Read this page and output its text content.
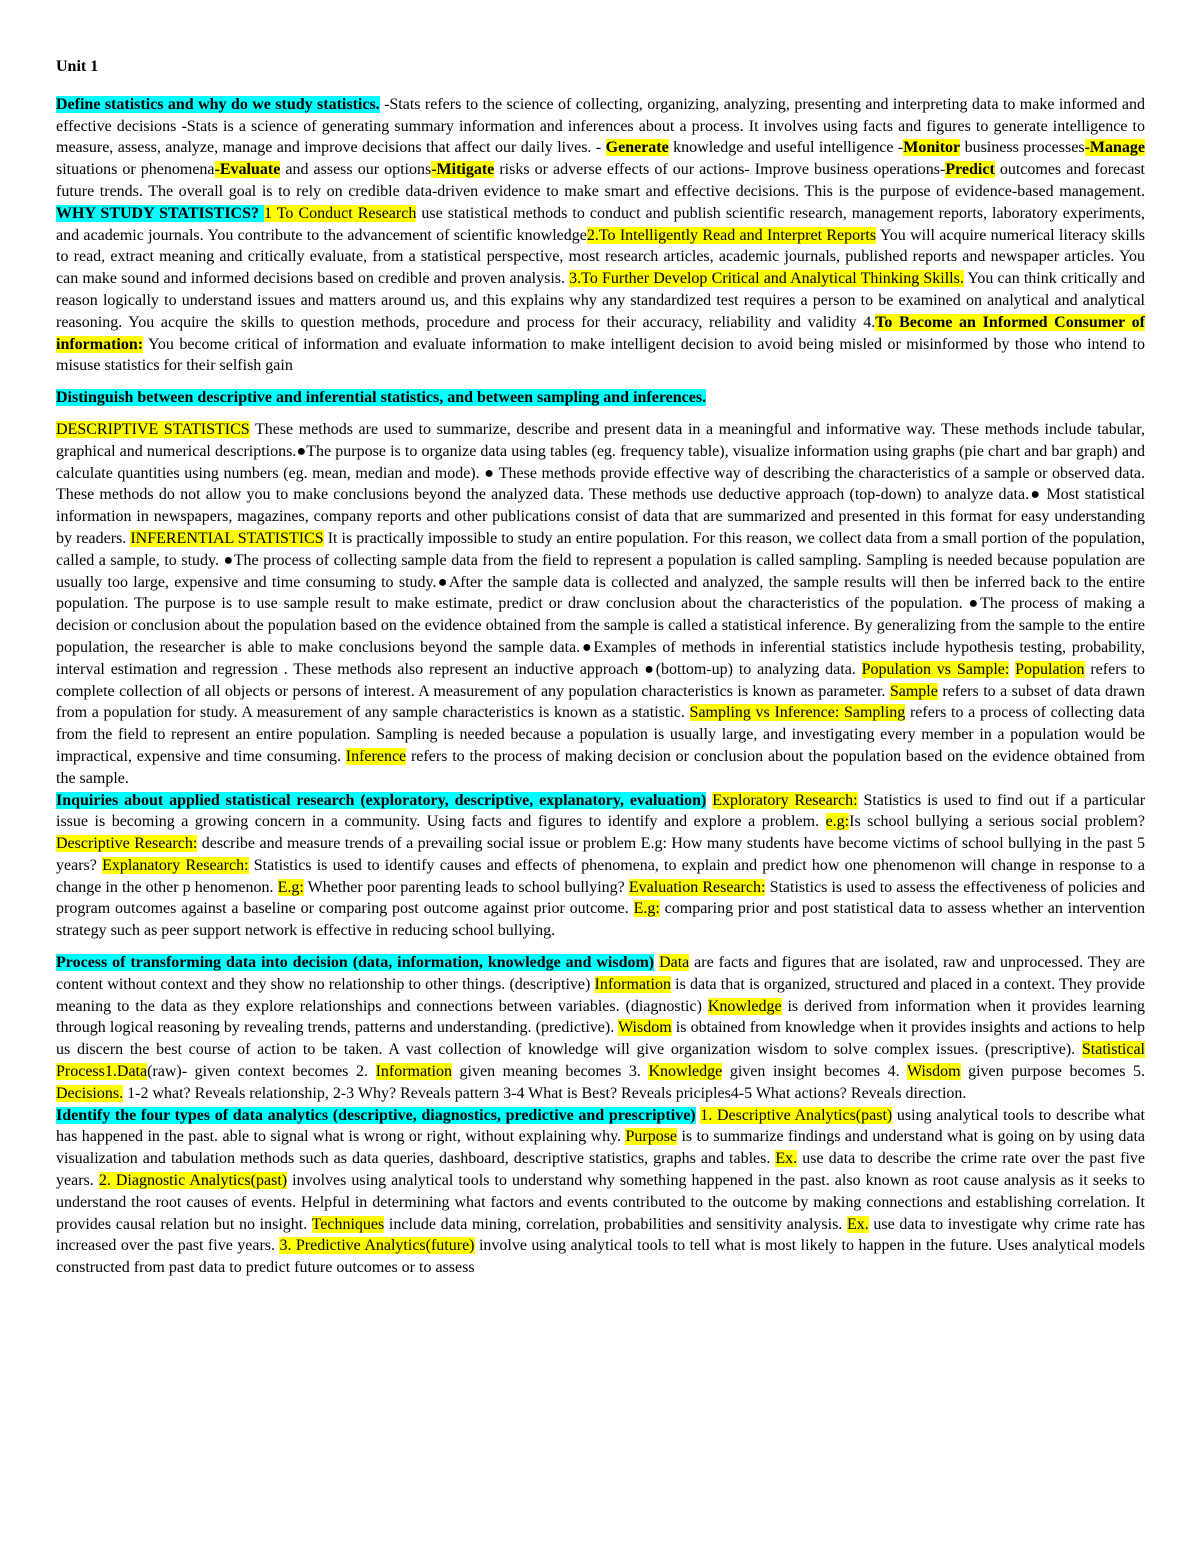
Unit 1

Define statistics and why do we study statistics. -Stats refers to the science of collecting, organizing, analyzing, presenting and interpreting data to make informed and effective decisions -Stats is a science of generating summary information and inferences about a process. It involves using facts and figures to generate intelligence to measure, assess, analyze, manage and improve decisions that affect our daily lives. - Generate knowledge and useful intelligence -Monitor business processes-Manage situations or phenomena-Evaluate and assess our options-Mitigate risks or adverse effects of our actions- Improve business operations-Predict outcomes and forecast future trends. The overall goal is to rely on credible data-driven evidence to make smart and effective decisions. This is the purpose of evidence-based management. WHY STUDY STATISTICS? 1 To Conduct Research use statistical methods to conduct and publish scientific research, management reports, laboratory experiments, and academic journals. You contribute to the advancement of scientific knowledge2.To Intelligently Read and Interpret Reports You will acquire numerical literacy skills to read, extract meaning and critically evaluate, from a statistical perspective, most research articles, academic journals, published reports and newspaper articles. You can make sound and informed decisions based on credible and proven analysis. 3.To Further Develop Critical and Analytical Thinking Skills. You can think critically and reason logically to understand issues and matters around us, and this explains why any standardized test requires a person to be examined on analytical and analytical reasoning. You acquire the skills to question methods, procedure and process for their accuracy, reliability and validity 4.To Become an Informed Consumer of information: You become critical of information and evaluate information to make intelligent decision to avoid being misled or misinformed by those who intend to misuse statistics for their selfish gain

Distinguish between descriptive and inferential statistics, and between sampling and inferences.

DESCRIPTIVE STATISTICS These methods are used to summarize, describe and present data in a meaningful and informative way. These methods include tabular, graphical and numerical descriptions.●The purpose is to organize data using tables (eg. frequency table), visualize information using graphs (pie chart and bar graph) and calculate quantities using numbers (eg. mean, median and mode). ● These methods provide effective way of describing the characteristics of a sample or observed data. These methods do not allow you to make conclusions beyond the analyzed data. These methods use deductive approach (top-down) to analyze data.● Most statistical information in newspapers, magazines, company reports and other publications consist of data that are summarized and presented in this format for easy understanding by readers. INFERENTIAL STATISTICS It is practically impossible to study an entire population. For this reason, we collect data from a small portion of the population, called a sample, to study. ●The process of collecting sample data from the field to represent a population is called sampling. Sampling is needed because population are usually too large, expensive and time consuming to study.●After the sample data is collected and analyzed, the sample results will then be inferred back to the entire population. The purpose is to use sample result to make estimate, predict or draw conclusion about the characteristics of the population. ●The process of making a decision or conclusion about the population based on the evidence obtained from the sample is called a statistical inference. By generalizing from the sample to the entire population, the researcher is able to make conclusions beyond the sample data.●Examples of methods in inferential statistics include hypothesis testing, probability, interval estimation and regression . These methods also represent an inductive approach ●(bottom-up) to analyzing data. Population vs Sample: Population refers to complete collection of all objects or persons of interest. A measurement of any population characteristics is known as parameter. Sample refers to a subset of data drawn from a population for study. A measurement of any sample characteristics is known as a statistic. Sampling vs Inference: Sampling refers to a process of collecting data from the field to represent an entire population. Sampling is needed because a population is usually large, and investigating every member in a population would be impractical, expensive and time consuming. Inference refers to the process of making decision or conclusion about the population based on the evidence obtained from the sample.

Inquiries about applied statistical research (exploratory, descriptive, explanatory, evaluation) Exploratory Research: Statistics is used to find out if a particular issue is becoming a growing concern in a community. Using facts and figures to identify and explore a problem. e.g:Is school bullying a serious social problem?Descriptive Research: describe and measure trends of a prevailing social issue or problem E.g: How many students have become victims of school bullying in the past 5 years? Explanatory Research: Statistics is used to identify causes and effects of phenomena, to explain and predict how one phenomenon will change in response to a change in the other p henomenon. E.g: Whether poor parenting leads to school bullying? Evaluation Research: Statistics is used to assess the effectiveness of policies and program outcomes against a baseline or comparing post outcome against prior outcome. E.g: comparing prior and post statistical data to assess whether an intervention strategy such as peer support network is effective in reducing school bullying.

Process of transforming data into decision (data, information, knowledge and wisdom) Data are facts and figures that are isolated, raw and unprocessed. They are content without context and they show no relationship to other things. (descriptive) Information is data that is organized, structured and placed in a context. They provide meaning to the data as they explore relationships and connections between variables. (diagnostic) Knowledge is derived from information when it provides learning through logical reasoning by revealing trends, patterns and understanding. (predictive). Wisdom is obtained from knowledge when it provides insights and actions to help us discern the best course of action to be taken. A vast collection of knowledge will give organization wisdom to solve complex issues. (prescriptive). Statistical Process1.Data(raw)- given context becomes 2. Information given meaning becomes 3. Knowledge given insight becomes 4. Wisdom given purpose becomes 5. Decisions. 1-2 what? Reveals relationship, 2-3 Why? Reveals pattern 3-4 What is Best? Reveals priciples4-5 What actions? Reveals direction.

Identify the four types of data analytics (descriptive, diagnostics, predictive and prescriptive) 1. Descriptive Analytics(past) using analytical tools to describe what has happened in the past. able to signal what is wrong or right, without explaining why. Purpose is to summarize findings and understand what is going on by using data visualization and tabulation methods such as data queries, dashboard, descriptive statistics, graphs and tables. Ex. use data to describe the crime rate over the past five years. 2. Diagnostic Analytics(past) involves using analytical tools to understand why something happened in the past. also known as root cause analysis as it seeks to understand the root causes of events. Helpful in determining what factors and events contributed to the outcome by making connections and establishing correlation. It provides causal relation but no insight. Techniques include data mining, correlation, probabilities and sensitivity analysis. Ex. use data to investigate why crime rate has increased over the past five years. 3. Predictive Analytics(future) involve using analytical tools to tell what is most likely to happen in the future. Uses analytical models constructed from past data to predict future outcomes or to assess
